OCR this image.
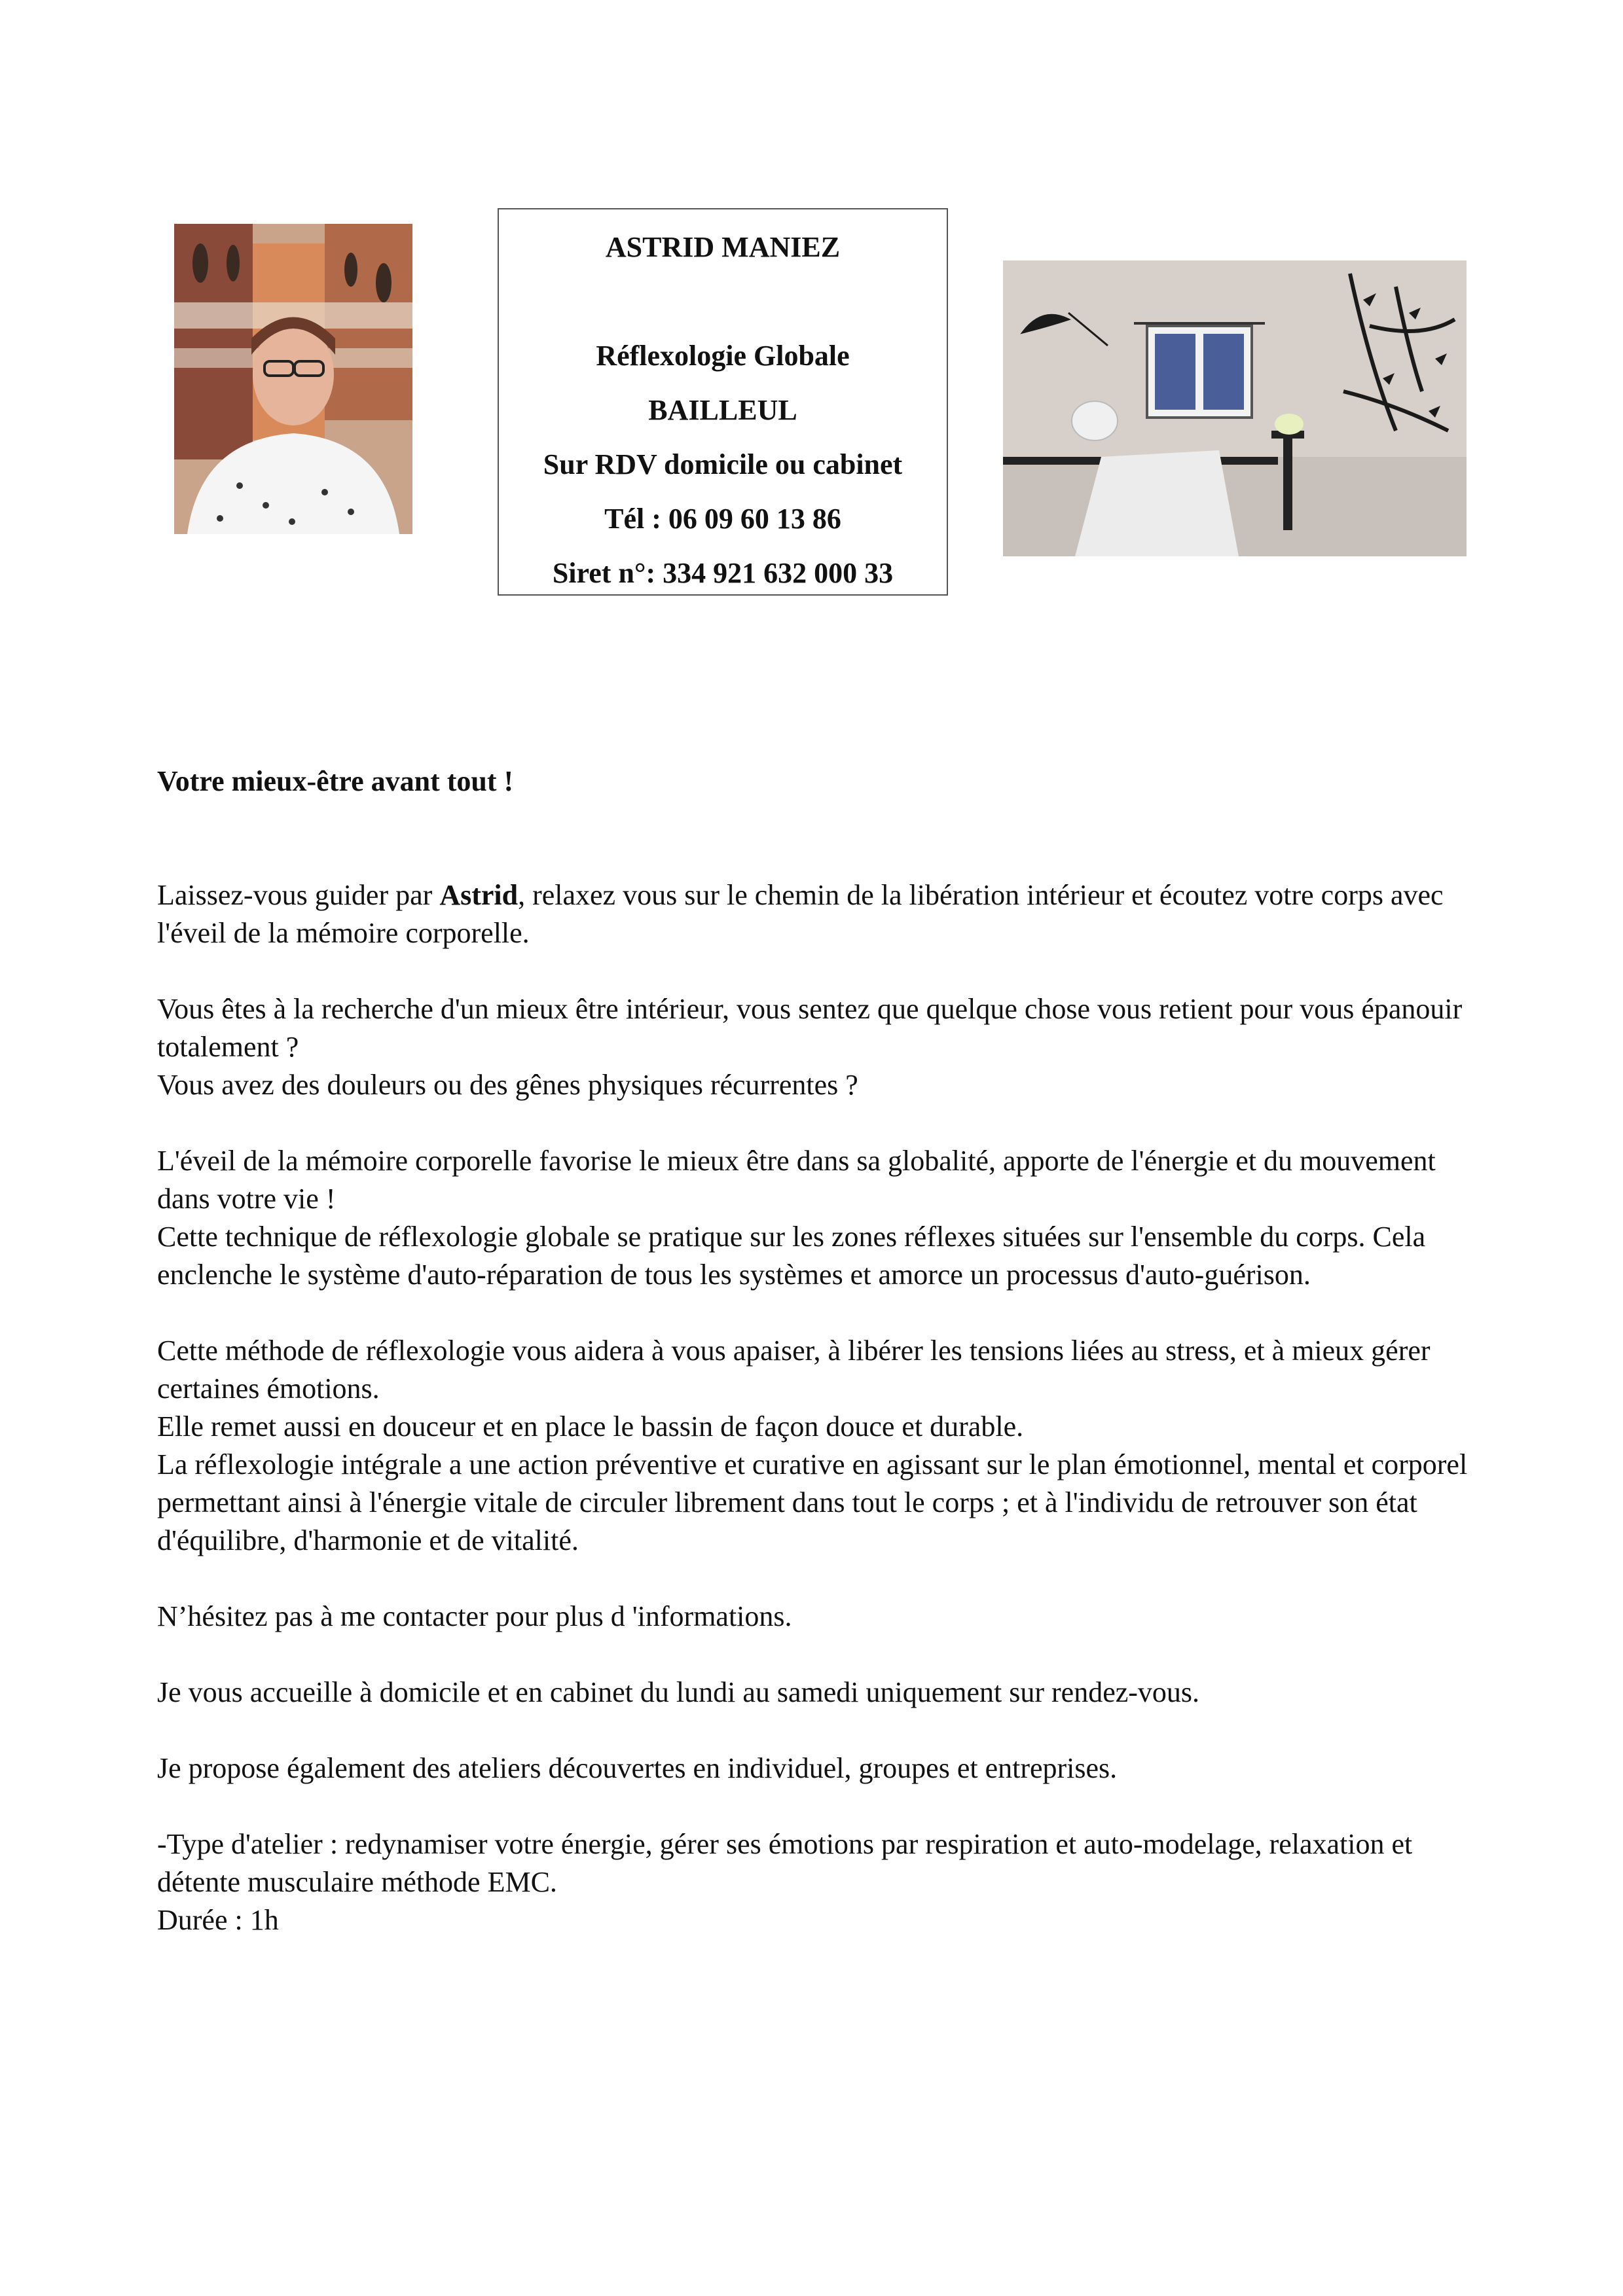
ASTRID MANIEZ
Réflexologie Globale
BAILLEUL
Sur RDV domicile ou cabinet
Tél : 06 09 60 13 86
Siret n°: 334 921 632 000 33

Votre mieux-être avant tout !

Laissez-vous guider par Astrid, relaxez vous sur le chemin de la libération intérieur et écoutez votre corps avec l'éveil de la mémoire corporelle.

Vous êtes à la recherche d'un mieux être intérieur, vous sentez que quelque chose vous retient pour vous épanouir totalement ?

Vous avez des douleurs ou des gênes physiques récurrentes ?

L'éveil de la mémoire corporelle favorise le mieux être dans sa globalité, apporte de l'énergie et du mouvement dans votre vie !

Cette technique de réflexologie globale se pratique sur les zones réflexes situées sur l'ensemble du corps. Cela enclenche le système d'auto-réparation de tous les systèmes et amorce un processus d'auto-guérison.

Cette méthode de réflexologie vous aidera à vous apaiser, à libérer les tensions liées au stress, et à mieux gérer certaines émotions.

Elle remet aussi en douceur et en place le bassin de façon douce et durable.

La réflexologie intégrale a une action préventive et curative en agissant sur le plan émotionnel, mental et corporel permettant ainsi à l'énergie vitale de circuler librement dans tout le corps ; et à l'individu de retrouver son état d'équilibre, d'harmonie et de vitalité.

N’hésitez pas à me contacter pour plus d 'informations.

Je vous accueille à domicile et en cabinet du lundi au samedi uniquement sur rendez-vous.

Je propose également des ateliers découvertes en individuel, groupes et entreprises.

-Type d'atelier : redynamiser votre énergie, gérer ses émotions par respiration et auto-modelage, relaxation et détente musculaire méthode EMC.

Durée : 1h
